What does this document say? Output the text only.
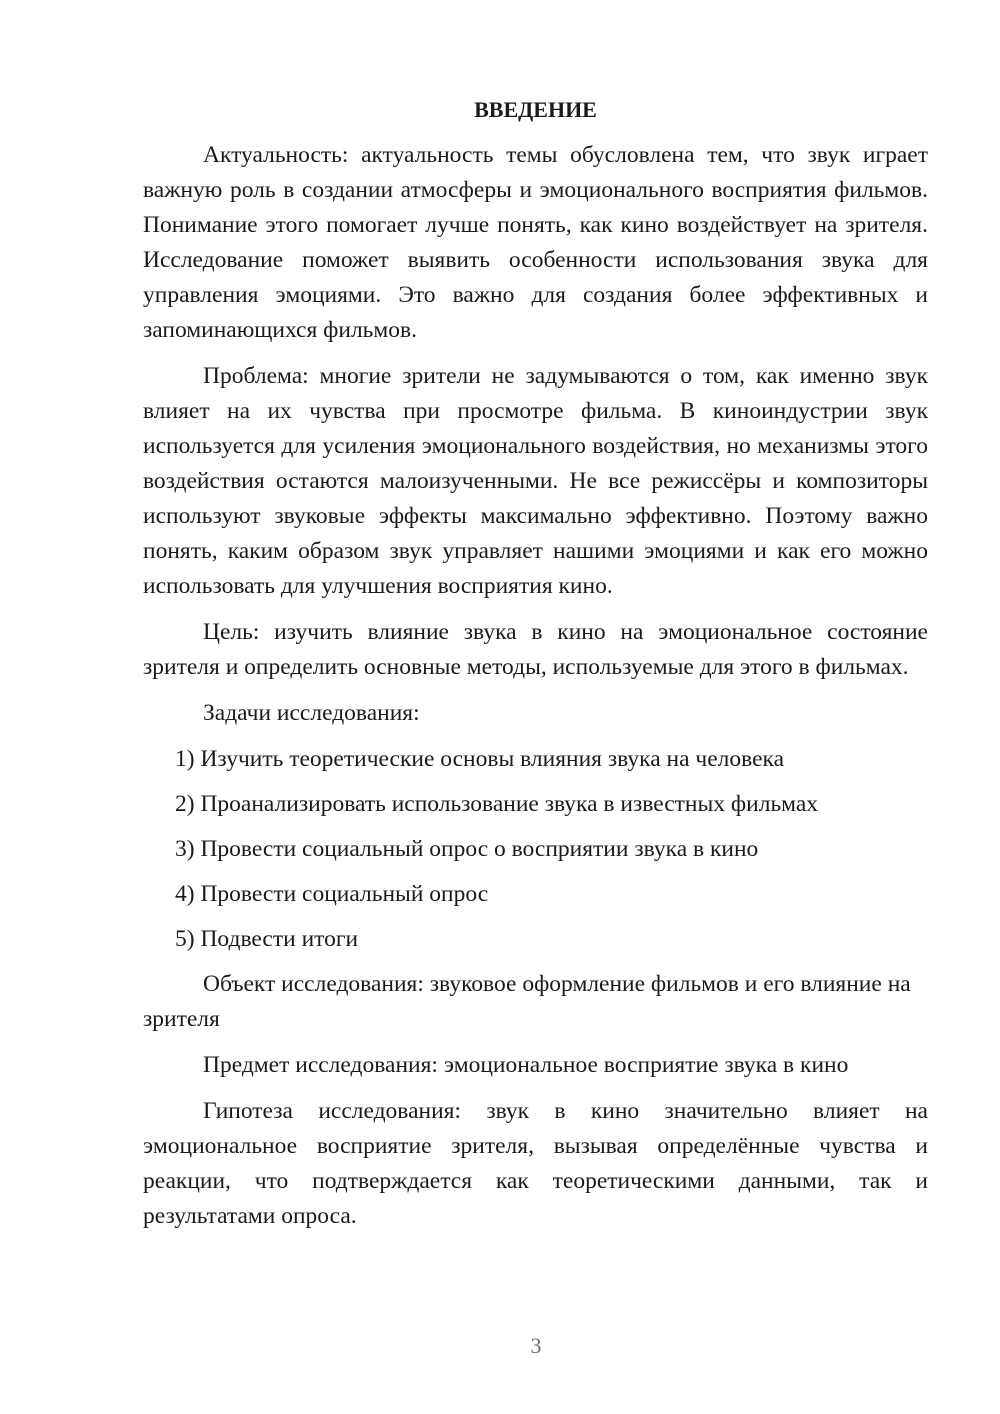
ВВЕДЕНИЕ

Актуальность: актуальность темы обусловлена тем, что звук играет важную роль в создании атмосферы и эмоционального восприятия фильмов. Понимание этого помогает лучше понять, как кино воздействует на зрителя. Исследование поможет выявить особенности использования звука для управления эмоциями. Это важно для создания более эффективных и запоминающихся фильмов.

Проблема: многие зрители не задумываются о том, как именно звук влияет на их чувства при просмотре фильма. В киноиндустрии звук используется для усиления эмоционального воздействия, но механизмы этого воздействия остаются малоизученными. Не все режиссёры и композиторы используют звуковые эффекты максимально эффективно. Поэтому важно понять, каким образом звук управляет нашими эмоциями и как его можно использовать для улучшения восприятия кино.

Цель: изучить влияние звука в кино на эмоциональное состояние зрителя и определить основные методы, используемые для этого в фильмах.

Задачи исследования:
1) Изучить теоретические основы влияния звука на человека
2) Проанализировать использование звука в известных фильмах
3) Провести социальный опрос о восприятии звука в кино
4) Провести социальный опрос
5) Подвести итоги

Объект исследования: звуковое оформление фильмов и его влияние на зрителя

Предмет исследования: эмоциональное восприятие звука в кино

Гипотеза исследования: звук в кино значительно влияет на эмоциональное восприятие зрителя, вызывая определённые чувства и реакции, что подтверждается как теоретическими данными, так и результатами опроса.

3
